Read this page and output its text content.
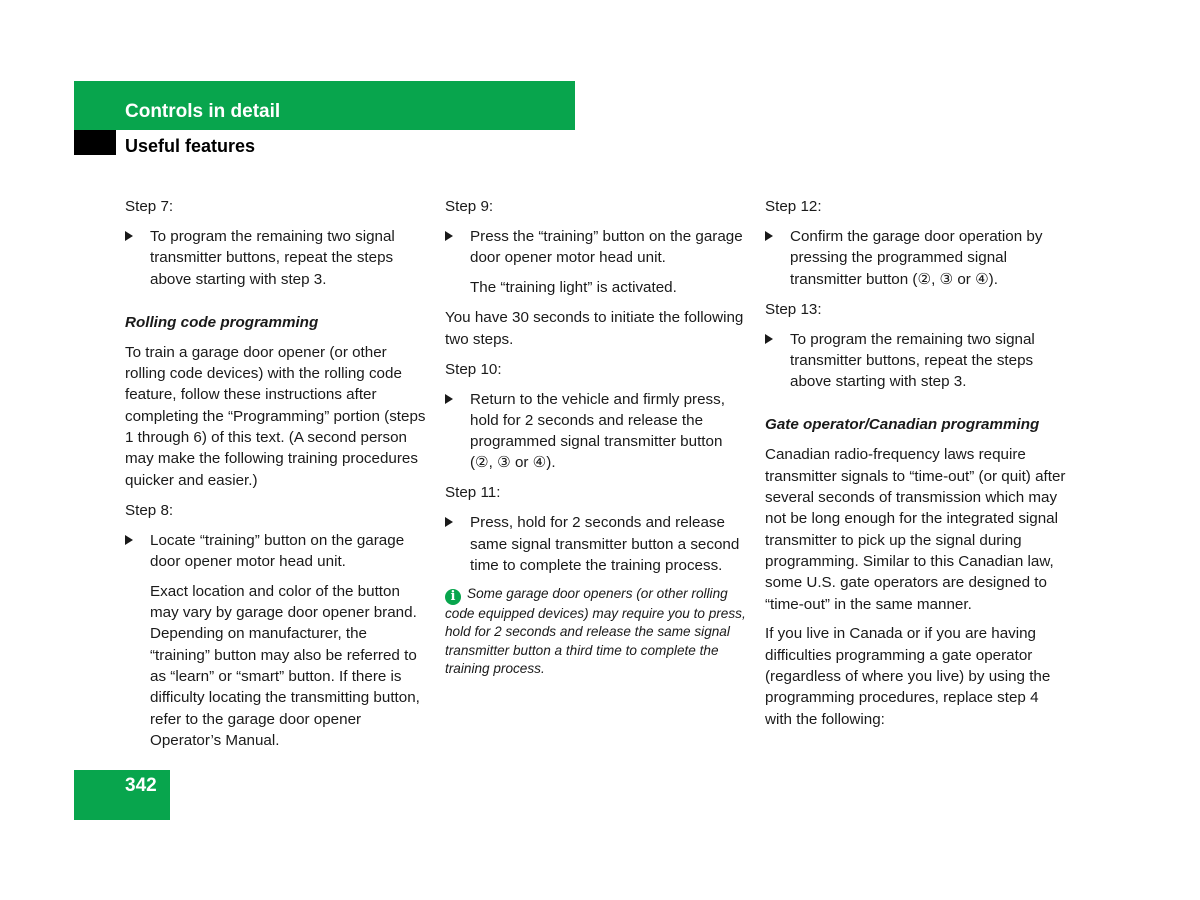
Controls in detail
Useful features

Step 7:

To program the remaining two signal transmitter buttons, repeat the steps above starting with step 3.

Rolling code programming

To train a garage door opener (or other rolling code devices) with the rolling code feature, follow these instructions after completing the “Programming” portion (steps 1 through 6) of this text. (A second person may make the following training procedures quicker and easier.)

Step 8:

Locate “training” button on the garage door opener motor head unit.

Exact location and color of the button may vary by garage door opener brand. Depending on manufacturer, the “training” button may also be referred to as “learn” or “smart” button. If there is difficulty locating the transmitting button, refer to the garage door opener Operator’s Manual.

Step 9:

Press the “training” button on the garage door opener motor head unit.

The “training light” is activated.

You have 30 seconds to initiate the following two steps.

Step 10:

Return to the vehicle and firmly press, hold for 2 seconds and release the programmed signal transmitter button (②, ③ or ④).

Step 11:

Press, hold for 2 seconds and release same signal transmitter button a second time to complete the training process.

i Some garage door openers (or other rolling code equipped devices) may require you to press, hold for 2 seconds and release the same signal transmitter button a third time to complete the training process.

Step 12:

Confirm the garage door operation by pressing the programmed signal transmitter button (②, ③ or ④).

Step 13:

To program the remaining two signal transmitter buttons, repeat the steps above starting with step 3.

Gate operator/Canadian programming

Canadian radio-frequency laws require transmitter signals to “time-out” (or quit) after several seconds of transmission which may not be long enough for the integrated signal transmitter to pick up the signal during programming. Similar to this Canadian law, some U.S. gate operators are designed to “time-out” in the same manner.

If you live in Canada or if you are having difficulties programming a gate operator (regardless of where you live) by using the programming procedures, replace step 4 with the following:

342
